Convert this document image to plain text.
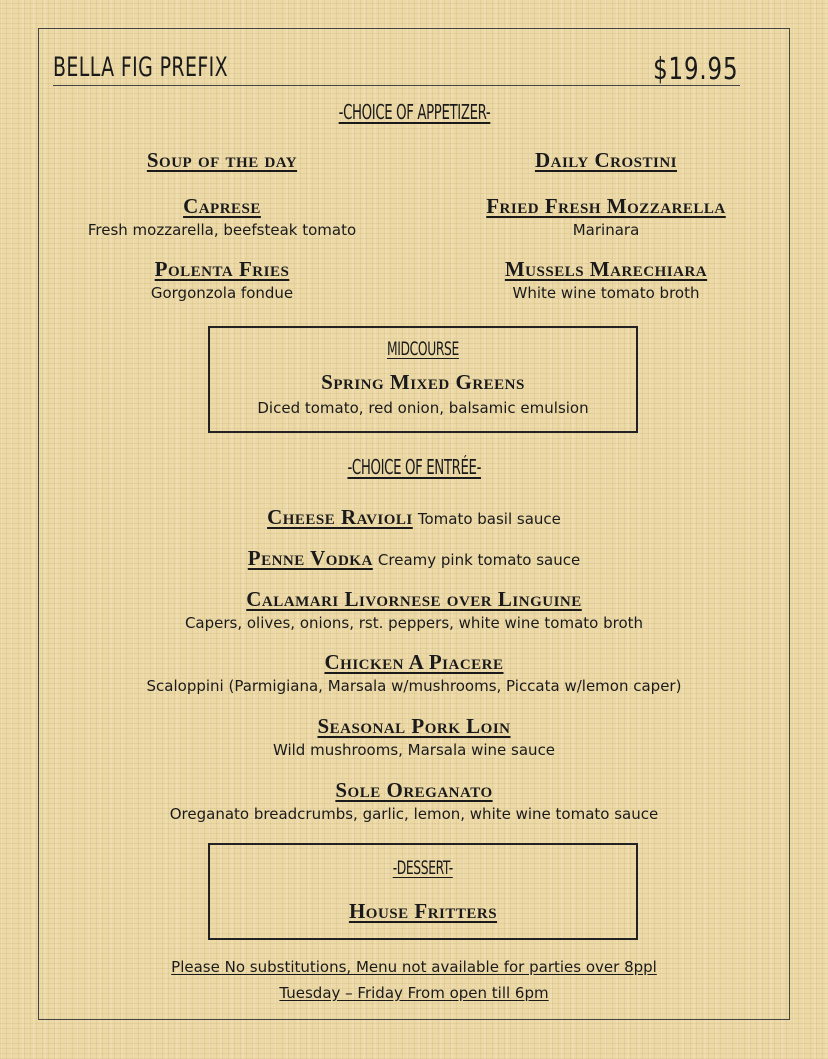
BELLA FIG PREFIX	$19.95
-CHOICE OF APPETIZER-
Soup of the day
Caprese
Fresh mozzarella, beefsteak tomato
Polenta Fries
Gorgonzola fondue
Daily Crostini
Fried Fresh Mozzarella
Marinara
Mussels Marechiara
White wine tomato broth
MIDCOURSE
Spring Mixed Greens
Diced tomato, red onion, balsamic emulsion
-CHOICE OF ENTRÉE-
Cheese Ravioli Tomato basil sauce
Penne Vodka Creamy pink tomato sauce
Calamari Livornese over Linguine
Capers, olives, onions, rst. peppers, white wine tomato broth
Chicken A Piacere
Scaloppini (Parmigiana, Marsala w/mushrooms, Piccata w/lemon caper)
Seasonal Pork Loin
Wild mushrooms, Marsala wine sauce
Sole Oreganato
Oreganato breadcrumbs, garlic, lemon, white wine tomato sauce
-DESSERT-
House Fritters
Please No substitutions, Menu not available for parties over 8ppl
Tuesday – Friday From open till 6pm
